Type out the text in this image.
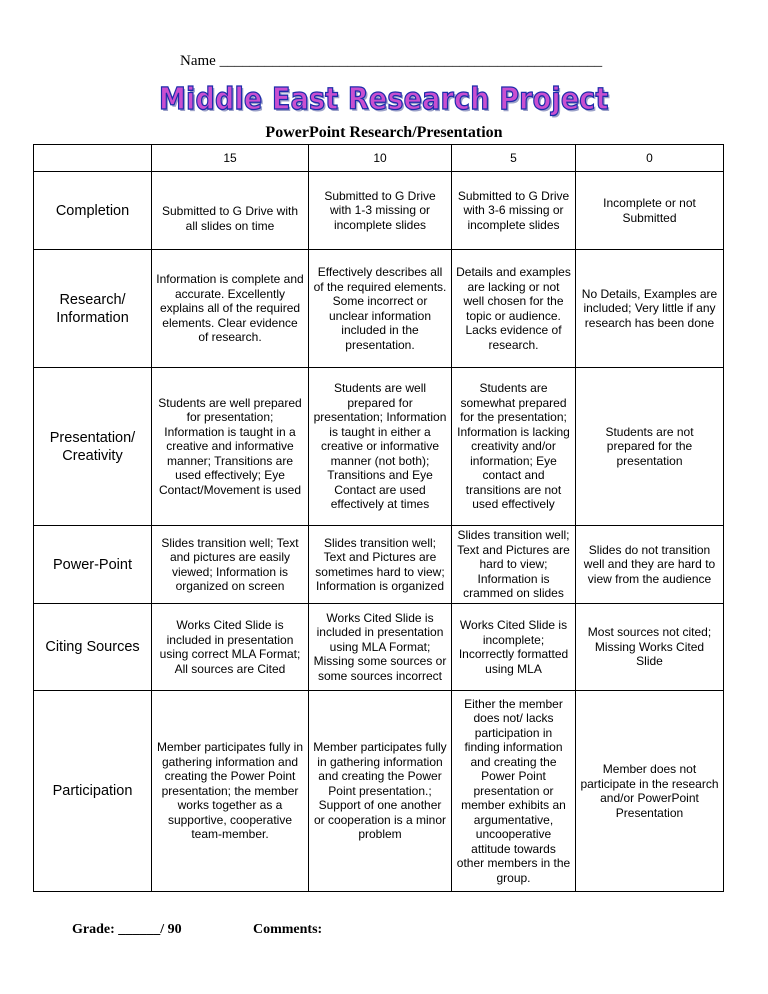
Name ___________________________________________________
Middle East Research Project
PowerPoint Research/Presentation
	15	10	5	0
Completion	Submitted to G Drive with all slides on time	Submitted to G Drive with 1-3 missing or incomplete slides	Submitted to G Drive with 3-6 missing or incomplete slides	Incomplete or not Submitted
Research/ Information	Information is complete and accurate. Excellently explains all of the required elements. Clear evidence of research.	Effectively describes all of the required elements. Some incorrect or unclear information included in the presentation.	Details and examples are lacking or not well chosen for the topic or audience. Lacks evidence of research.	No Details, Examples are included; Very little if any research has been done
Presentation/ Creativity	Students are well prepared for presentation; Information is taught in a creative and informative manner; Transitions are used effectively; Eye Contact/Movement is used	Students are well prepared for presentation; Information is taught in either a creative or informative manner (not both); Transitions and Eye Contact are used effectively at times	Students are somewhat prepared for the presentation; Information is lacking creativity and/or information; Eye contact and transitions are not used effectively	Students are not prepared for the presentation
Power-Point	Slides transition well; Text and pictures are easily viewed; Information is organized on screen	Slides transition well; Text and Pictures are sometimes hard to view; Information is organized	Slides transition well; Text and Pictures are hard to view; Information is crammed on slides	Slides do not transition well and they are hard to view from the audience
Citing Sources	Works Cited Slide is included in presentation using correct MLA Format; All sources are Cited	Works Cited Slide is included in presentation using MLA Format; Missing some sources or some sources incorrect	Works Cited Slide is incomplete; Incorrectly formatted using MLA	Most sources not cited; Missing Works Cited Slide
Participation	Member participates fully in gathering information and creating the Power Point presentation; the member works together as a supportive, cooperative team-member.	Member participates fully in gathering information and creating the Power Point presentation.; Support of one another or cooperation is a minor problem	Either the member does not/ lacks participation in finding information and creating the Power Point presentation or member exhibits an argumentative, uncooperative attitude towards other members in the group.	Member does not participate in the research and/or PowerPoint Presentation
Grade: ______/ 90	Comments:
